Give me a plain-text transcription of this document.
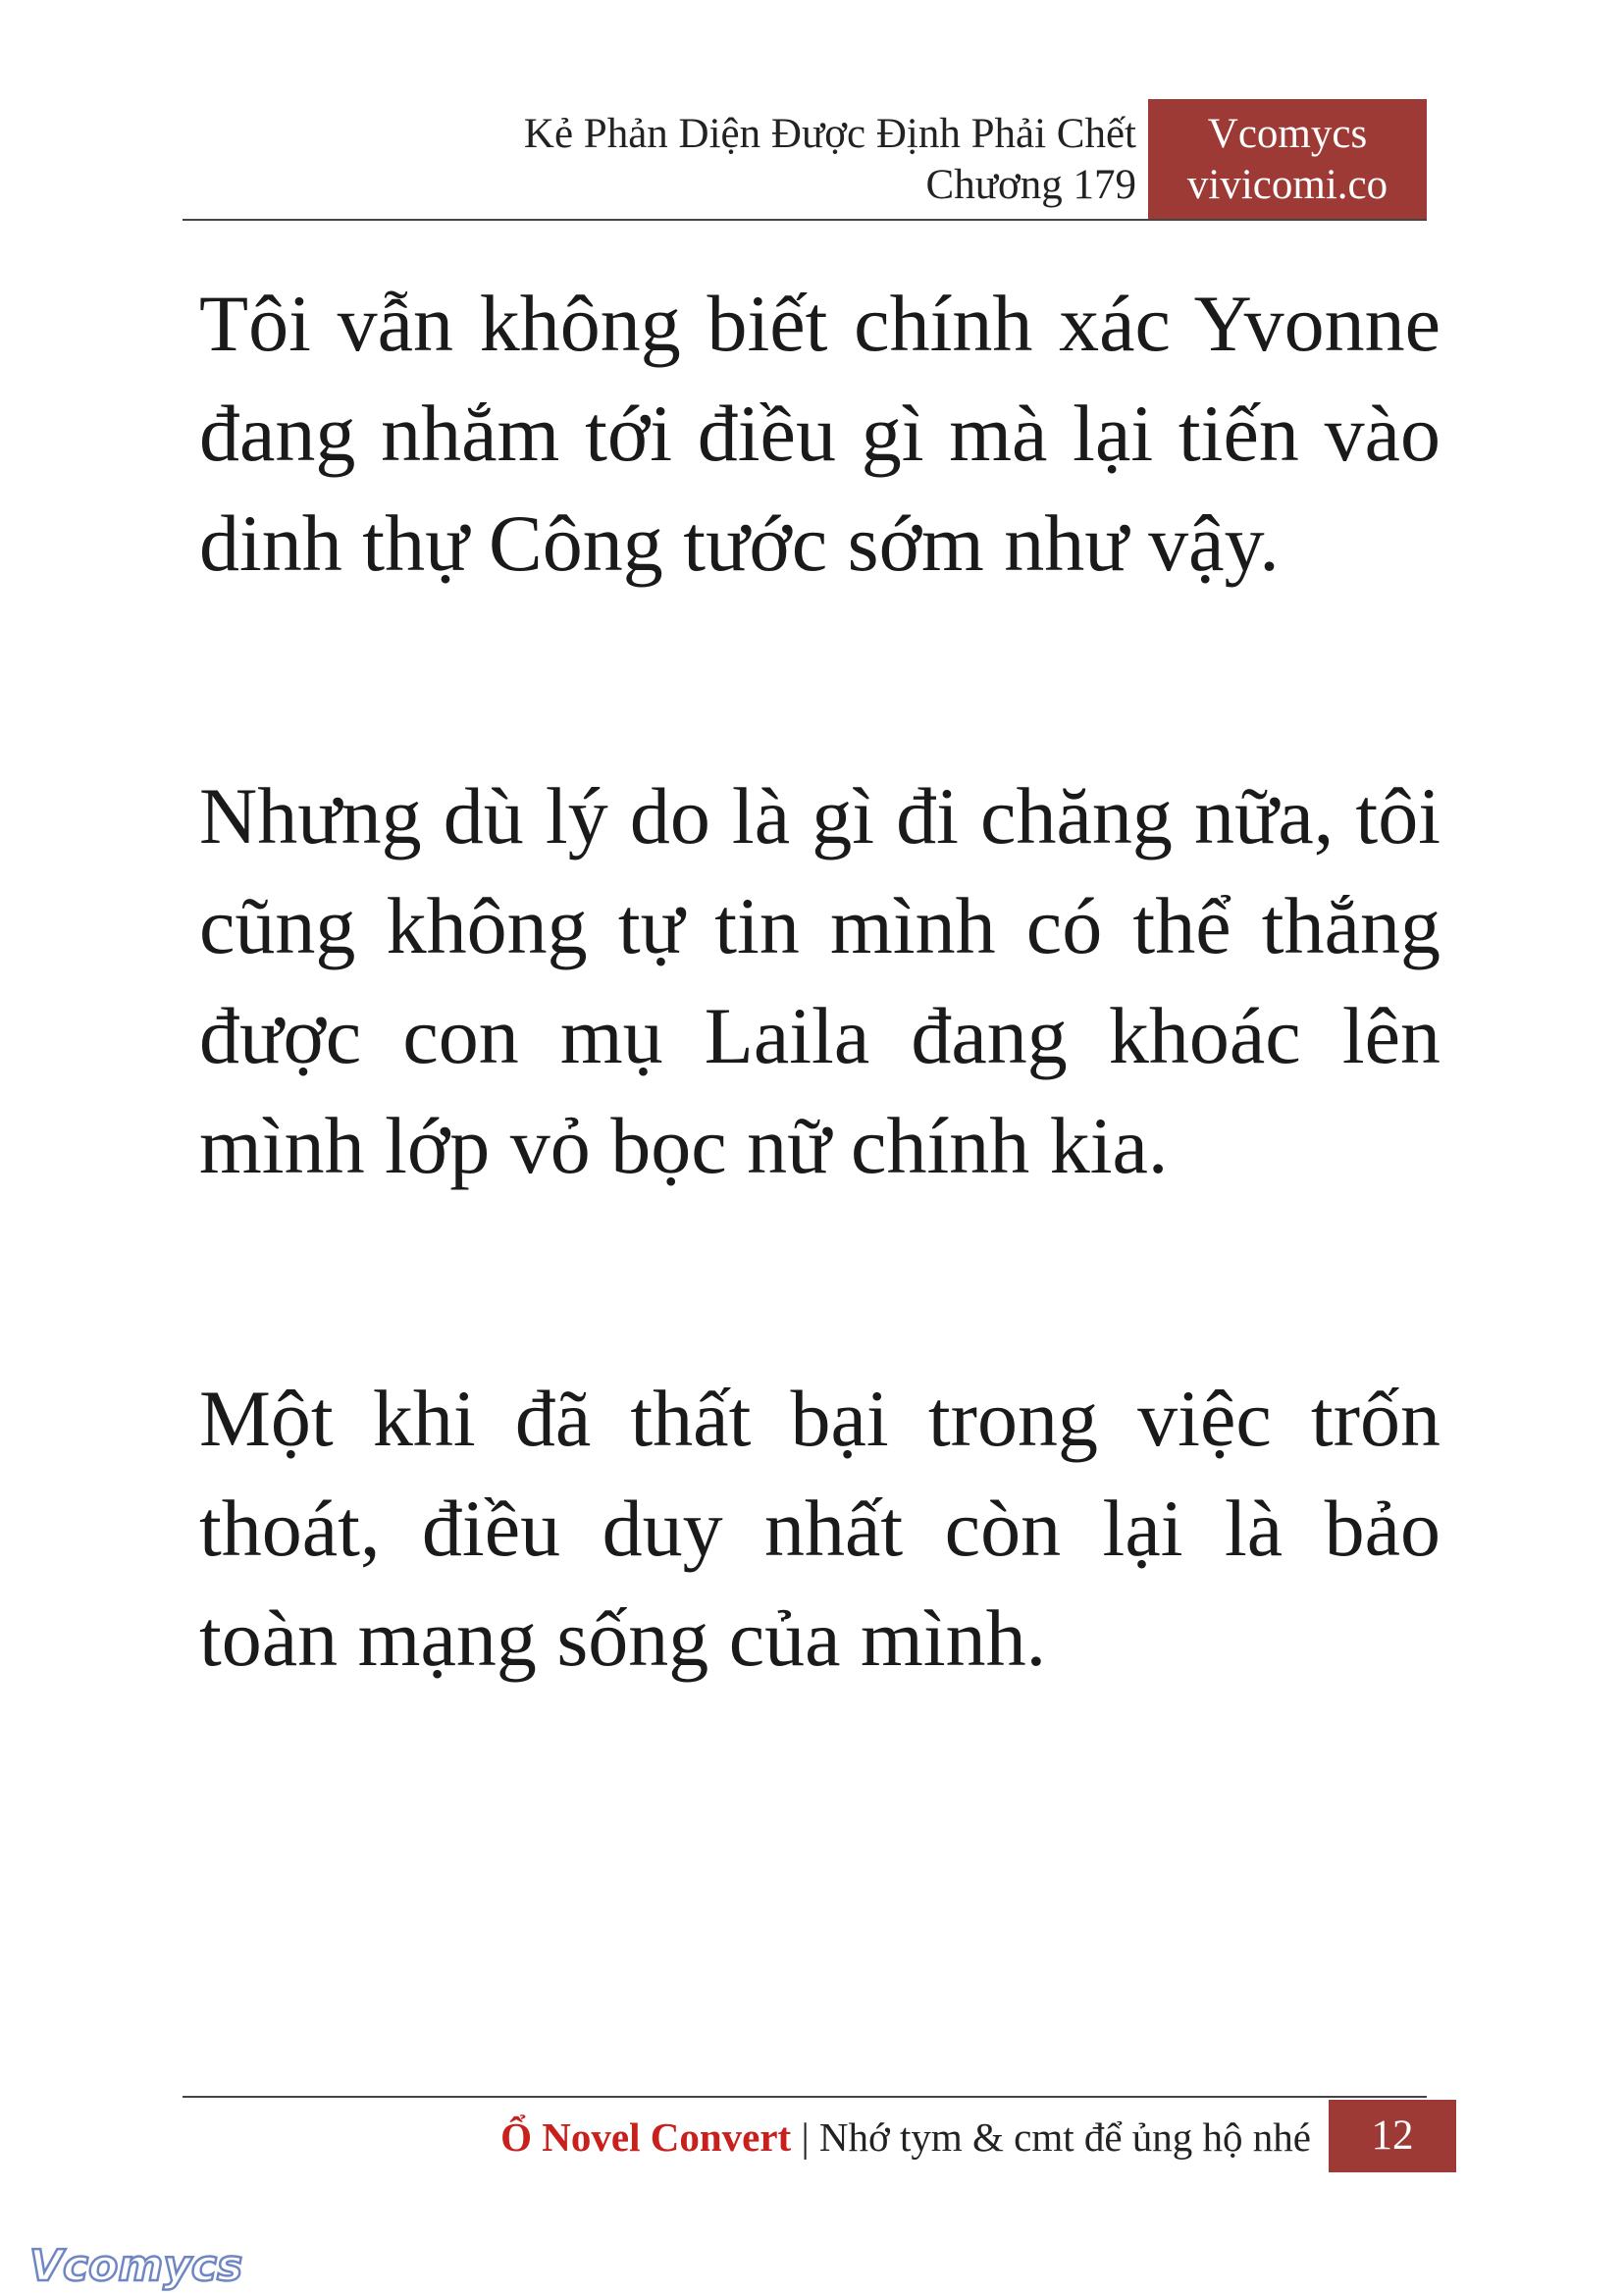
Kẻ Phản Diện Được Định Phải Chết
Chương 179
Vcomycs
vivicomi.co

Tôi vẫn không biết chính xác Yvonne đang nhắm tới điều gì mà lại tiến vào dinh thự Công tước sớm như vậy.

Nhưng dù lý do là gì đi chăng nữa, tôi cũng không tự tin mình có thể thắng được con mụ Laila đang khoác lên mình lớp vỏ bọc nữ chính kia.

Một khi đã thất bại trong việc trốn thoát, điều duy nhất còn lại là bảo toàn mạng sống của mình.

Ổ Novel Convert | Nhớ tym & cmt để ủng hộ nhé	12
Vcomycs
